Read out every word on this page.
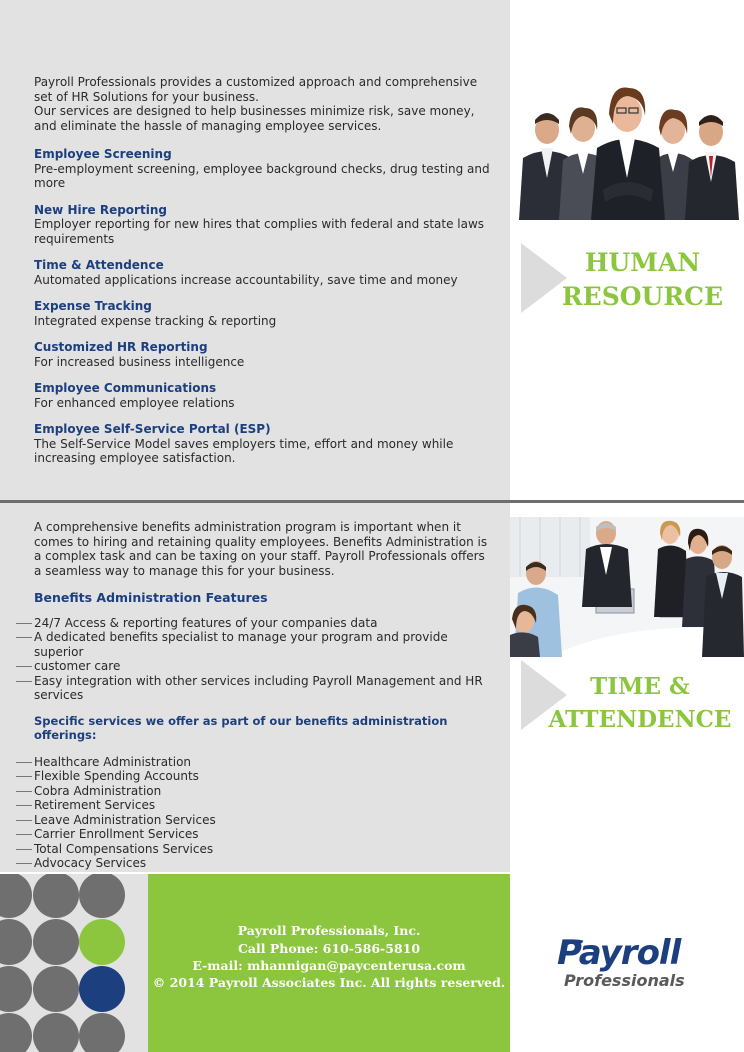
Payroll Professionals provides a customized approach and comprehensive set of HR Solutions for your business.

Our services are designed to help businesses minimize risk, save money, and eliminate the hassle of managing employee services.

Employee Screening
Pre-employment screening, employee background checks, drug testing and more
New Hire Reporting
Employer reporting for new hires that complies with federal and state laws requirements
Time & Attendence
Automated applications increase accountability, save time and money
Expense Tracking
Integrated expense tracking & reporting
Customized HR Reporting
For increased business intelligence
Employee Communications
For enhanced employee relations
Employee Self-Service Portal (ESP)
The Self-Service Model saves employers time, effort and money while increasing employee satisfaction.
HUMAN
RESOURCE

A comprehensive benefits administration program is important when it comes to hiring and retaining quality employees. Benefits Administration is a complex task and can be taxing on your staff. Payroll Professionals offers a seamless way to manage this for your business.

Benefits Administration Features
24/7 Access & reporting features of your companies data
A dedicated benefits specialist to manage your program and provide superior
customer care
Easy integration with other services including Payroll Management and HR services
Specific services we offer as part of our benefits administration offerings:
Healthcare Administration
Flexible Spending Accounts
Cobra Administration
Retirement Services
Leave Administration Services
Carrier Enrollment Services
Total Compensations Services
Advocacy Services
TIME &
ATTENDENCE
Payroll Professionals, Inc.
Call Phone: 610-586-5810
E-mail: mhannigan@paycenterusa.com
© 2014 Payroll Associates Inc. All rights reserved.
Payroll
Professionals
